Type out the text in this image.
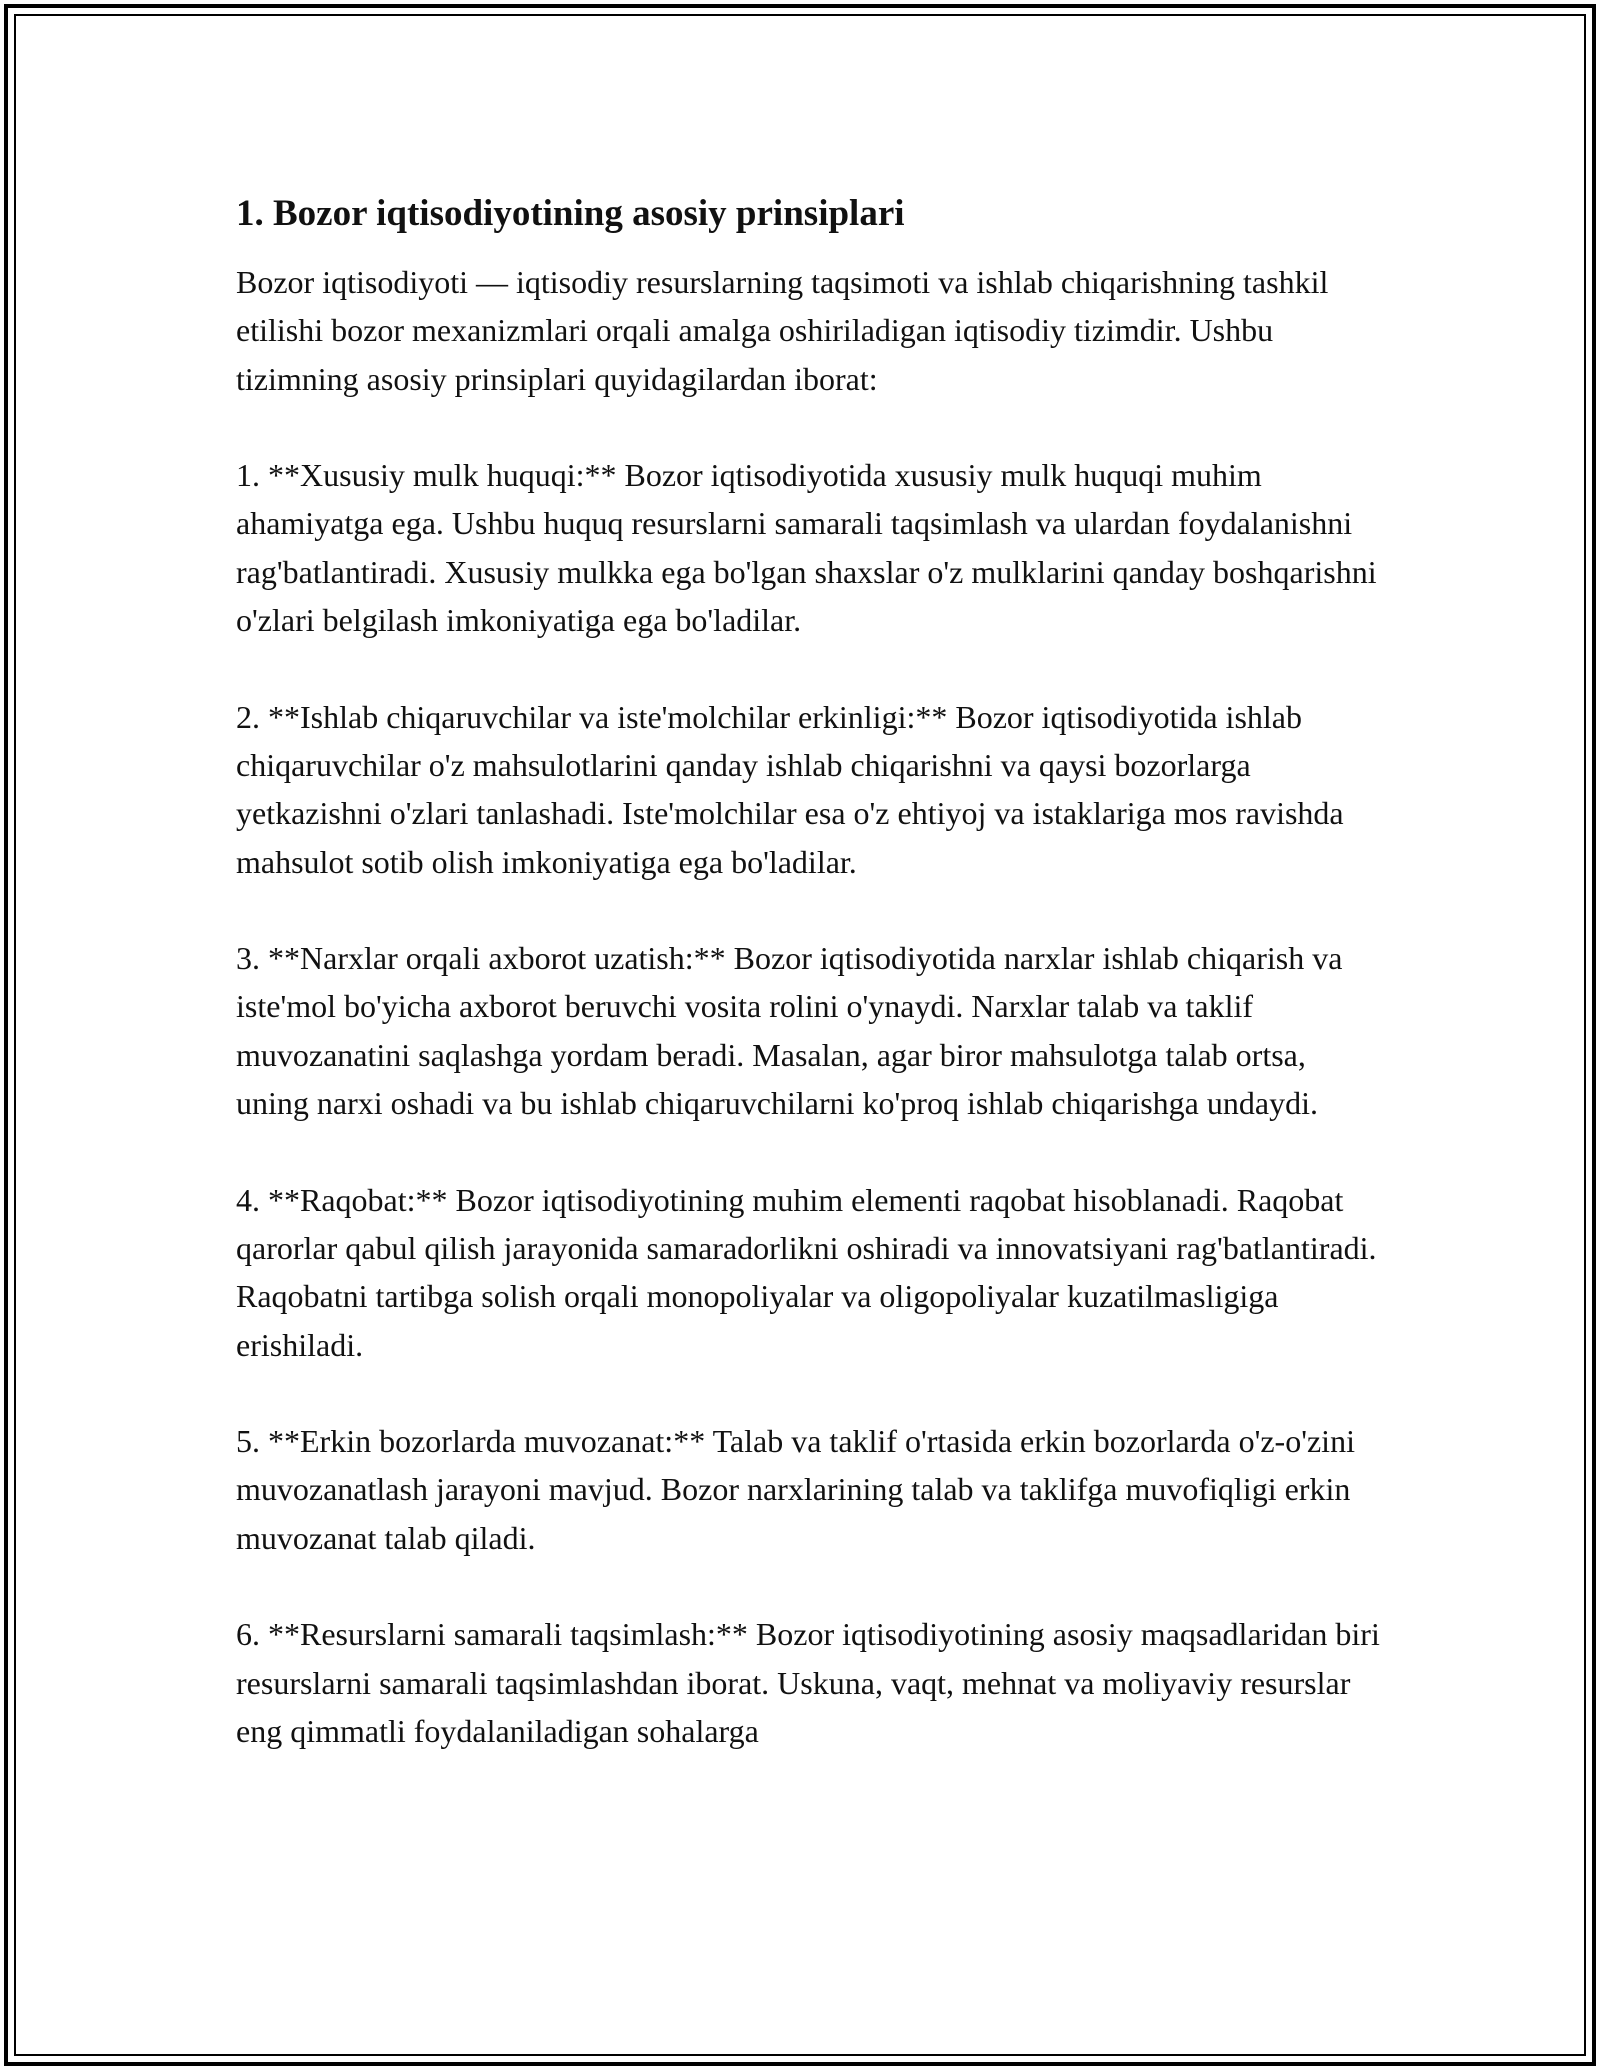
1. Bozor iqtisodiyotining asosiy prinsiplari

Bozor iqtisodiyoti — iqtisodiy resurslarning taqsimoti va ishlab chiqarishning tashkil etilishi bozor mexanizmlari orqali amalga oshiriladigan iqtisodiy tizimdir. Ushbu tizimning asosiy prinsiplari quyidagilardan iborat:

1. **Xususiy mulk huquqi:** Bozor iqtisodiyotida xususiy mulk huquqi muhim ahamiyatga ega. Ushbu huquq resurslarni samarali taqsimlash va ulardan foydalanishni rag'batlantiradi. Xususiy mulkka ega bo'lgan shaxslar o'z mulklarini qanday boshqarishni o'zlari belgilash imkoniyatiga ega bo'ladilar.

2. **Ishlab chiqaruvchilar va iste'molchilar erkinligi:** Bozor iqtisodiyotida ishlab chiqaruvchilar o'z mahsulotlarini qanday ishlab chiqarishni va qaysi bozorlarga yetkazishni o'zlari tanlashadi. Iste'molchilar esa o'z ehtiyoj va istaklariga mos ravishda mahsulot sotib olish imkoniyatiga ega bo'ladilar.

3. **Narxlar orqali axborot uzatish:** Bozor iqtisodiyotida narxlar ishlab chiqarish va iste'mol bo'yicha axborot beruvchi vosita rolini o'ynaydi. Narxlar talab va taklif muvozanatini saqlashga yordam beradi. Masalan, agar biror mahsulotga talab ortsa, uning narxi oshadi va bu ishlab chiqaruvchilarni ko'proq ishlab chiqarishga undaydi.

4. **Raqobat:** Bozor iqtisodiyotining muhim elementi raqobat hisoblanadi. Raqobat qarorlar qabul qilish jarayonida samaradorlikni oshiradi va innovatsiyani rag'batlantiradi. Raqobatni tartibga solish orqali monopoliyalar va oligopoliyalar kuzatilmasligiga erishiladi.

5. **Erkin bozorlarda muvozanat:** Talab va taklif o'rtasida erkin bozorlarda o'z-o'zini muvozanatlash jarayoni mavjud. Bozor narxlarining talab va taklifga muvofiqligi erkin muvozanat talab qiladi.

6. **Resurslarni samarali taqsimlash:** Bozor iqtisodiyotining asosiy maqsadlaridan biri resurslarni samarali taqsimlashdan iborat. Uskuna, vaqt, mehnat va moliyaviy resurslar eng qimmatli foydalaniladigan sohalarga
